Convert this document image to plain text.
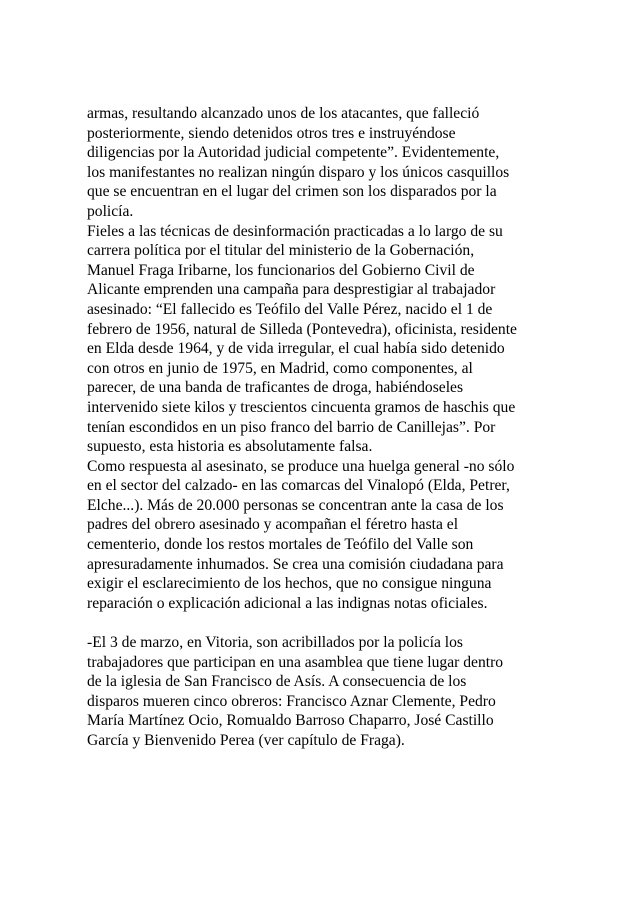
armas, resultando alcanzado unos de los atacantes, que falleció
posteriormente, siendo detenidos otros tres e instruyéndose
diligencias por la Autoridad judicial competente”. Evidentemente,
los manifestantes no realizan ningún disparo y los únicos casquillos
que se encuentran en el lugar del crimen son los disparados por la
policía.
Fieles a las técnicas de desinformación practicadas a lo largo de su
carrera política por el titular del ministerio de la Gobernación,
Manuel Fraga Iribarne, los funcionarios del Gobierno Civil de
Alicante emprenden una campaña para desprestigiar al trabajador
asesinado: “El fallecido es Teófilo del Valle Pérez, nacido el 1 de
febrero de 1956, natural de Silleda (Pontevedra), oficinista, residente
en Elda desde 1964, y de vida irregular, el cual había sido detenido
con otros en junio de 1975, en Madrid, como componentes, al
parecer, de una banda de traficantes de droga, habiéndoseles
intervenido siete kilos y trescientos cincuenta gramos de haschis que
tenían escondidos en un piso franco del barrio de Canillejas”. Por
supuesto, esta historia es absolutamente falsa.
Como respuesta al asesinato, se produce una huelga general -no sólo
en el sector del calzado- en las comarcas del Vinalopó (Elda, Petrer,
Elche...). Más de 20.000 personas se concentran ante la casa de los
padres del obrero asesinado y acompañan el féretro hasta el
cementerio, donde los restos mortales de Teófilo del Valle son
apresuradamente inhumados. Se crea una comisión ciudadana para
exigir el esclarecimiento de los hechos, que no consigue ninguna
reparación o explicación adicional a las indignas notas oficiales.
-El 3 de marzo, en Vitoria, son acribillados por la policía los
trabajadores que participan en una asamblea que tiene lugar dentro
de la iglesia de San Francisco de Asís. A consecuencia de los
disparos mueren cinco obreros: Francisco Aznar Clemente, Pedro
María Martínez Ocio, Romualdo Barroso Chaparro, José Castillo
García y Bienvenido Perea (ver capítulo de Fraga).
